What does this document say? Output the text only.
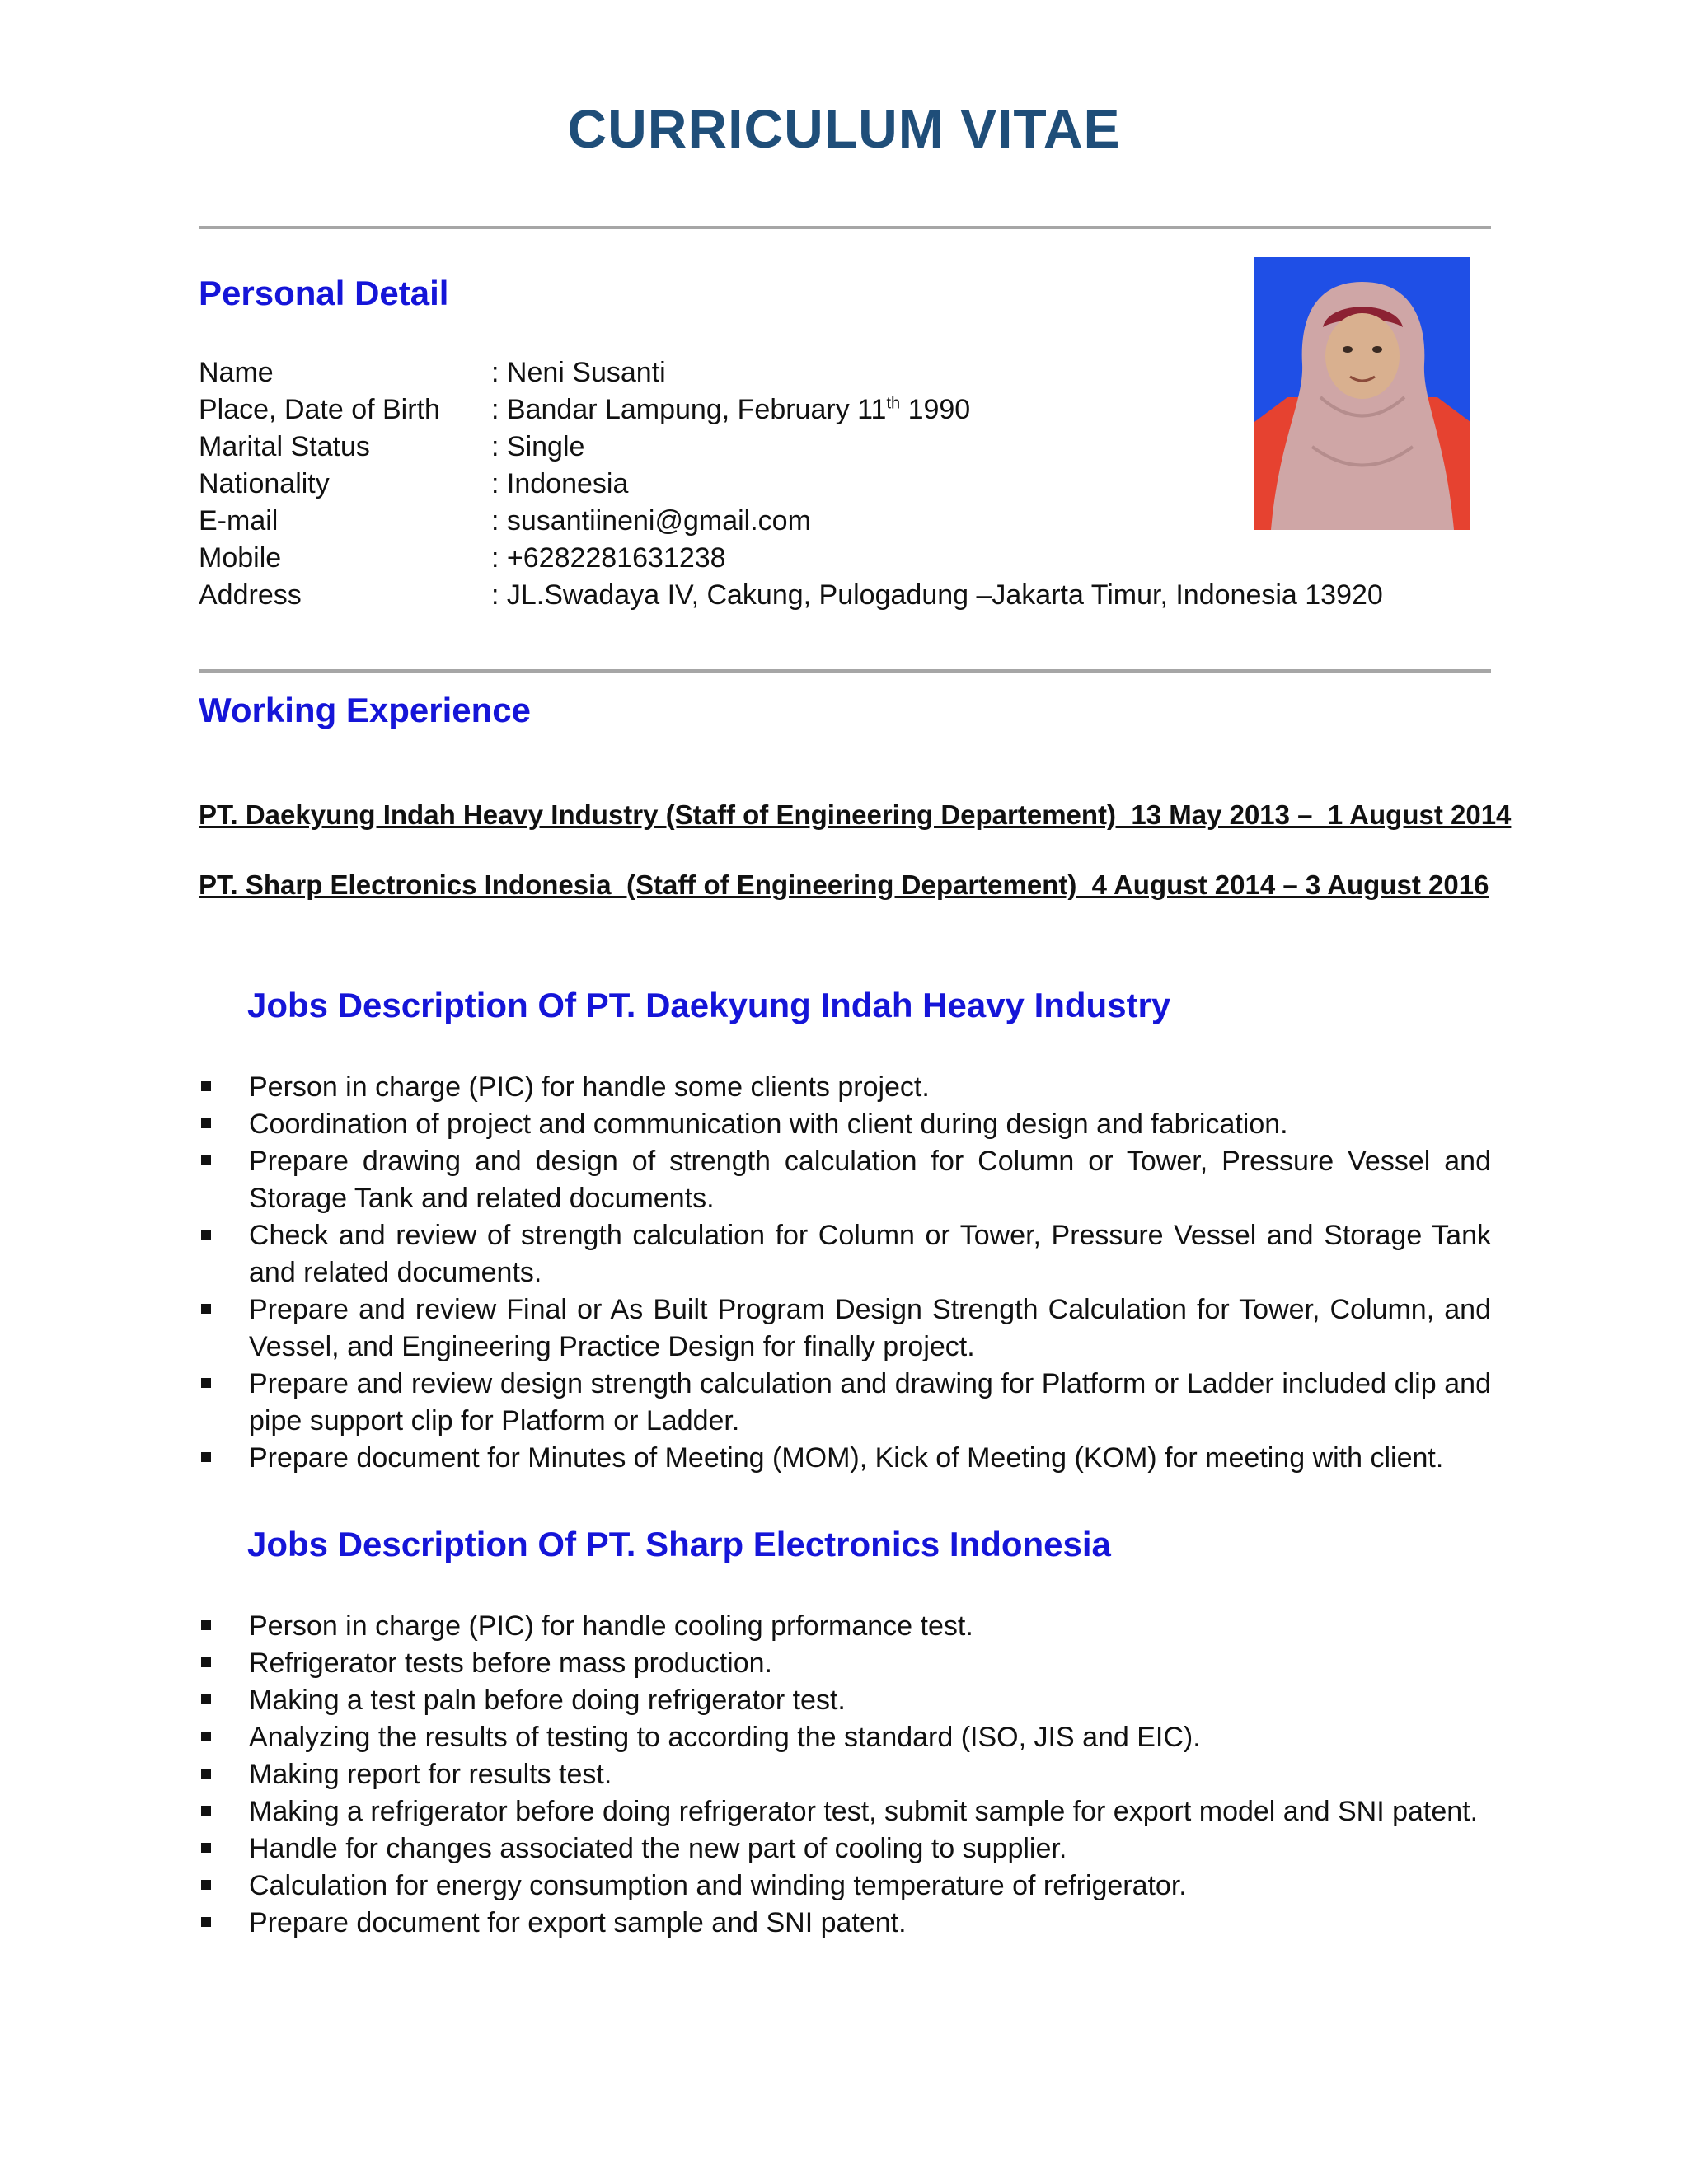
CURRICULUM VITAE
Personal Detail
Name	: Neni Susanti
Place, Date of Birth	: Bandar Lampung, February 11th 1990
Marital Status	: Single
Nationality	: Indonesia
E-mail	: susantiineni@gmail.com
Mobile	: +6282281631238
Address	: JL.Swadaya IV, Cakung, Pulogadung –Jakarta Timur, Indonesia 13920
Working Experience

PT. Daekyung Indah Heavy Industry (Staff of Engineering Departement)  13 May 2013 –  1 August 2014

PT. Sharp Electronics Indonesia  (Staff of Engineering Departement)  4 August 2014 – 3 August 2016

Jobs Description Of PT. Daekyung Indah Heavy Industry
Person in charge (PIC) for handle some clients project.
Coordination of project and communication with client during design and fabrication.
Prepare drawing and design of strength calculation for Column or Tower, Pressure Vessel and Storage Tank and related documents.
Check and review of strength calculation for Column or Tower, Pressure Vessel and Storage Tank and related documents.
Prepare and review Final or As Built Program Design Strength Calculation for Tower, Column, and Vessel, and Engineering Practice Design for finally project.
Prepare and review design strength calculation and drawing for Platform or Ladder included clip and pipe support clip for Platform or Ladder.
Prepare document for Minutes of Meeting (MOM), Kick of Meeting (KOM) for meeting with client.
Jobs Description Of PT. Sharp Electronics Indonesia
Person in charge (PIC) for handle cooling prformance test.
Refrigerator tests before mass production.
Making a test paln before doing refrigerator test.
Analyzing the results of testing to according the standard (ISO, JIS and EIC).
Making report for results test.
Making a refrigerator before doing refrigerator test, submit sample for export model and SNI patent.
Handle for changes associated the new part of cooling to supplier.
Calculation for energy consumption and winding temperature of refrigerator.
Prepare document for export sample and SNI patent.
